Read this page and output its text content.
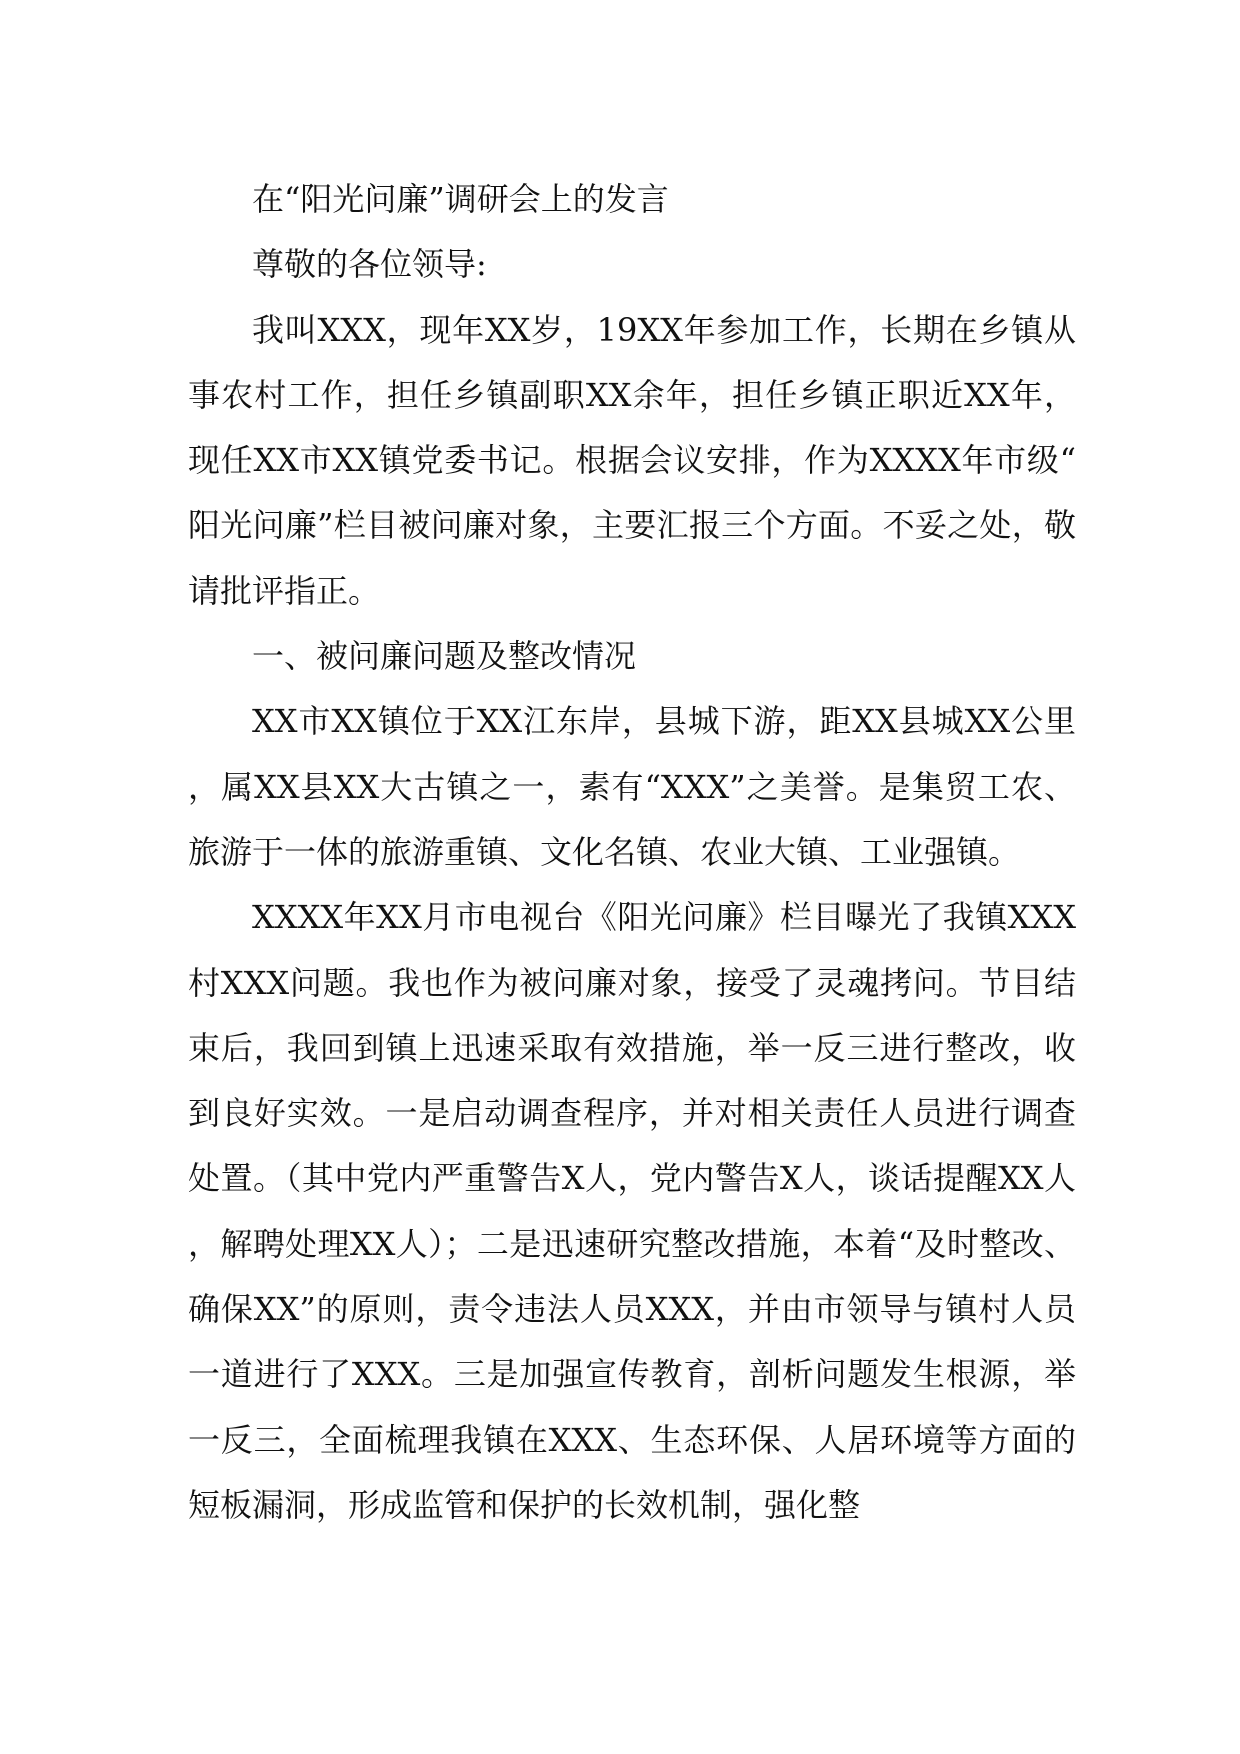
在“阳光问廉”调研会上的发言

尊敬的各位领导:

我叫XXX，现年XX岁，19XX年参加工作，长期在乡镇从事农村工作，担任乡镇副职XX余年，担任乡镇正职近XX年，现任XX市XX镇党委书记。根据会议安排，作为XXXX年市级“阳光问廉”栏目被问廉对象，主要汇报三个方面。不妥之处，敬请批评指正。

一、被问廉问题及整改情况

XX市XX镇位于XX江东岸，县城下游，距XX县城XX公里，属XX县XX大古镇之一，素有“XXX”之美誉。是集贸工农、旅游于一体的旅游重镇、文化名镇、农业大镇、工业强镇。

XXXX年XX月市电视台《阳光问廉》栏目曝光了我镇XXX村XXX问题。我也作为被问廉对象，接受了灵魂拷问。节目结束后，我回到镇上迅速采取有效措施，举一反三进行整改，收到良好实效。一是启动调查程序，并对相关责任人员进行调查处置。（其中党内严重警告X人，党内警告X人，谈话提醒XX人，解聘处理XX人）；二是迅速研究整改措施，本着“及时整改、确保XX”的原则，责令违法人员XXX，并由市领导与镇村人员一道进行了XXX。三是加强宣传教育，剖析问题发生根源，举一反三，全面梳理我镇在XXX、生态环保、人居环境等方面的短板漏洞，形成监管和保护的长效机制，强化整
